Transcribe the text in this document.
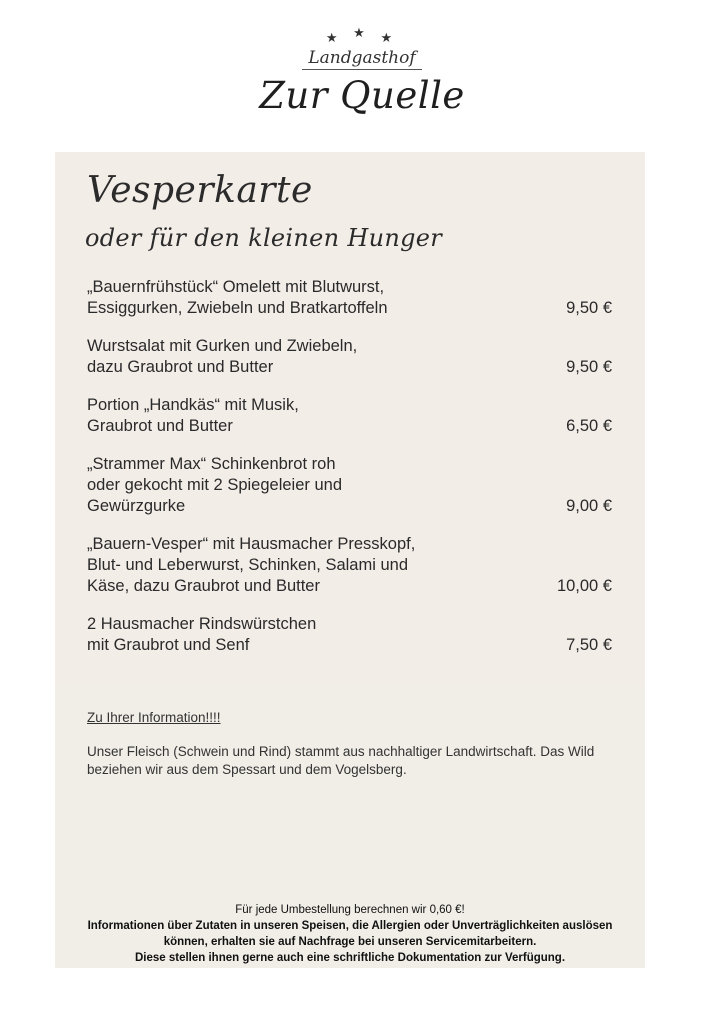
★ ★ ★
Landgasthof
Zur Quelle
Vesperkarte
oder für den kleinen Hunger
„Bauernfrühstück“ Omelett mit Blutwurst,
Essiggurken, Zwiebeln und Bratkartoffeln	9,50 €
Wurstsalat mit Gurken und Zwiebeln,
dazu Graubrot und Butter	9,50 €
Portion „Handkäs“ mit Musik,
Graubrot und Butter	6,50 €
„Strammer Max“ Schinkenbrot roh
oder gekocht mit 2 Spiegeleier und
Gewürzgurke	9,00 €
„Bauern-Vesper“ mit Hausmacher Presskopf,
Blut- und Leberwurst, Schinken, Salami und
Käse, dazu Graubrot und Butter	10,00 €
2 Hausmacher Rindswürstchen
mit Graubrot und Senf	7,50 €
Zu Ihrer Information!!!!
Unser Fleisch (Schwein und Rind) stammt aus nachhaltiger Landwirtschaft. Das Wild beziehen wir aus dem Spessart und dem Vogelsberg.
Für jede Umbestellung berechnen wir 0,60 €!
Informationen über Zutaten in unseren Speisen, die Allergien oder Unverträglichkeiten auslösen
können, erhalten sie auf Nachfrage bei unseren Servicemitarbeitern.
Diese stellen ihnen gerne auch eine schriftliche Dokumentation zur Verfügung.
